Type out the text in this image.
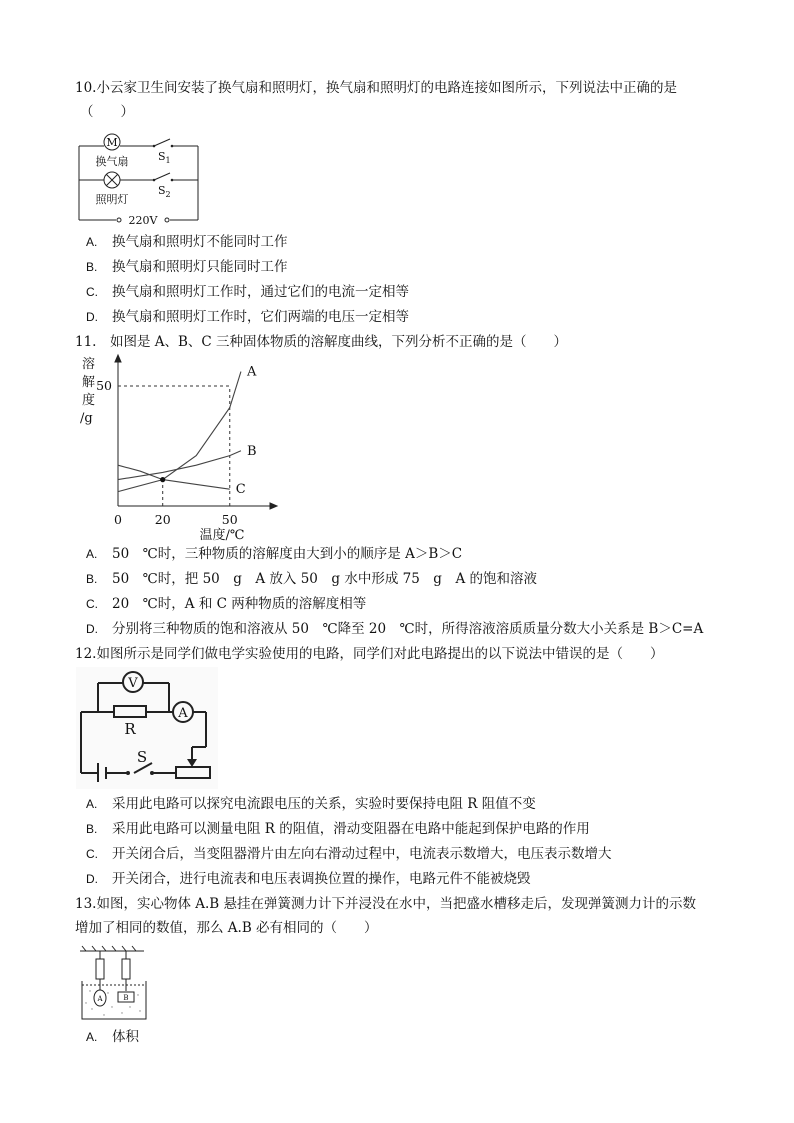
10.小云家卫生间安装了换气扇和照明灯，换气扇和照明灯的电路连接如图所示，下列说法中正确的是
（　　）
M
换气扇
照明灯
$S_1$
$S_2$
220V
A. 换气扇和照明灯不能同时工作
B. 换气扇和照明灯只能同时工作
C. 换气扇和照明灯工作时，通过它们的电流一定相等
D. 换气扇和照明灯工作时，它们两端的电压一定相等
11.　如图是 A、B、C 三种固体物质的溶解度曲线，下列分析不正确的是（　　）
溶
解
度
/g
A
B
C
0	20	50
50
温度/℃
A. 50　℃时，三种物质的溶解度由大到小的顺序是 A＞B＞C
B. 50　℃时，把 50　g　A 放入 50　g 水中形成 75　g　A 的饱和溶液
C. 20　℃时，A 和 C 两种物质的溶解度相等
D. 分别将三种物质的饱和溶液从 50　℃降至 20　℃时，所得溶液溶质质量分数大小关系是 B＞C=A
12.如图所示是同学们做电学实验使用的电路，同学们对此电路提出的以下说法中错误的是（　　）
V
A
R
S
A. 采用此电路可以探究电流跟电压的关系，实验时要保持电阻 R 阻值不变
B. 采用此电路可以测量电阻 R 的阻值，滑动变阻器在电路中能起到保护电路的作用
C. 开关闭合后，当变阻器滑片由左向右滑动过程中，电流表示数增大，电压表示数增大
D. 开关闭合，进行电流表和电压表调换位置的操作，电路元件不能被烧毁
13.如图，实心物体 A.B 悬挂在弹簧测力计下并浸没在水中，当把盛水槽移走后，发现弹簧测力计的示数
增加了相同的数值，那么 A.B 必有相同的（　　）
A	B
A. 体积
